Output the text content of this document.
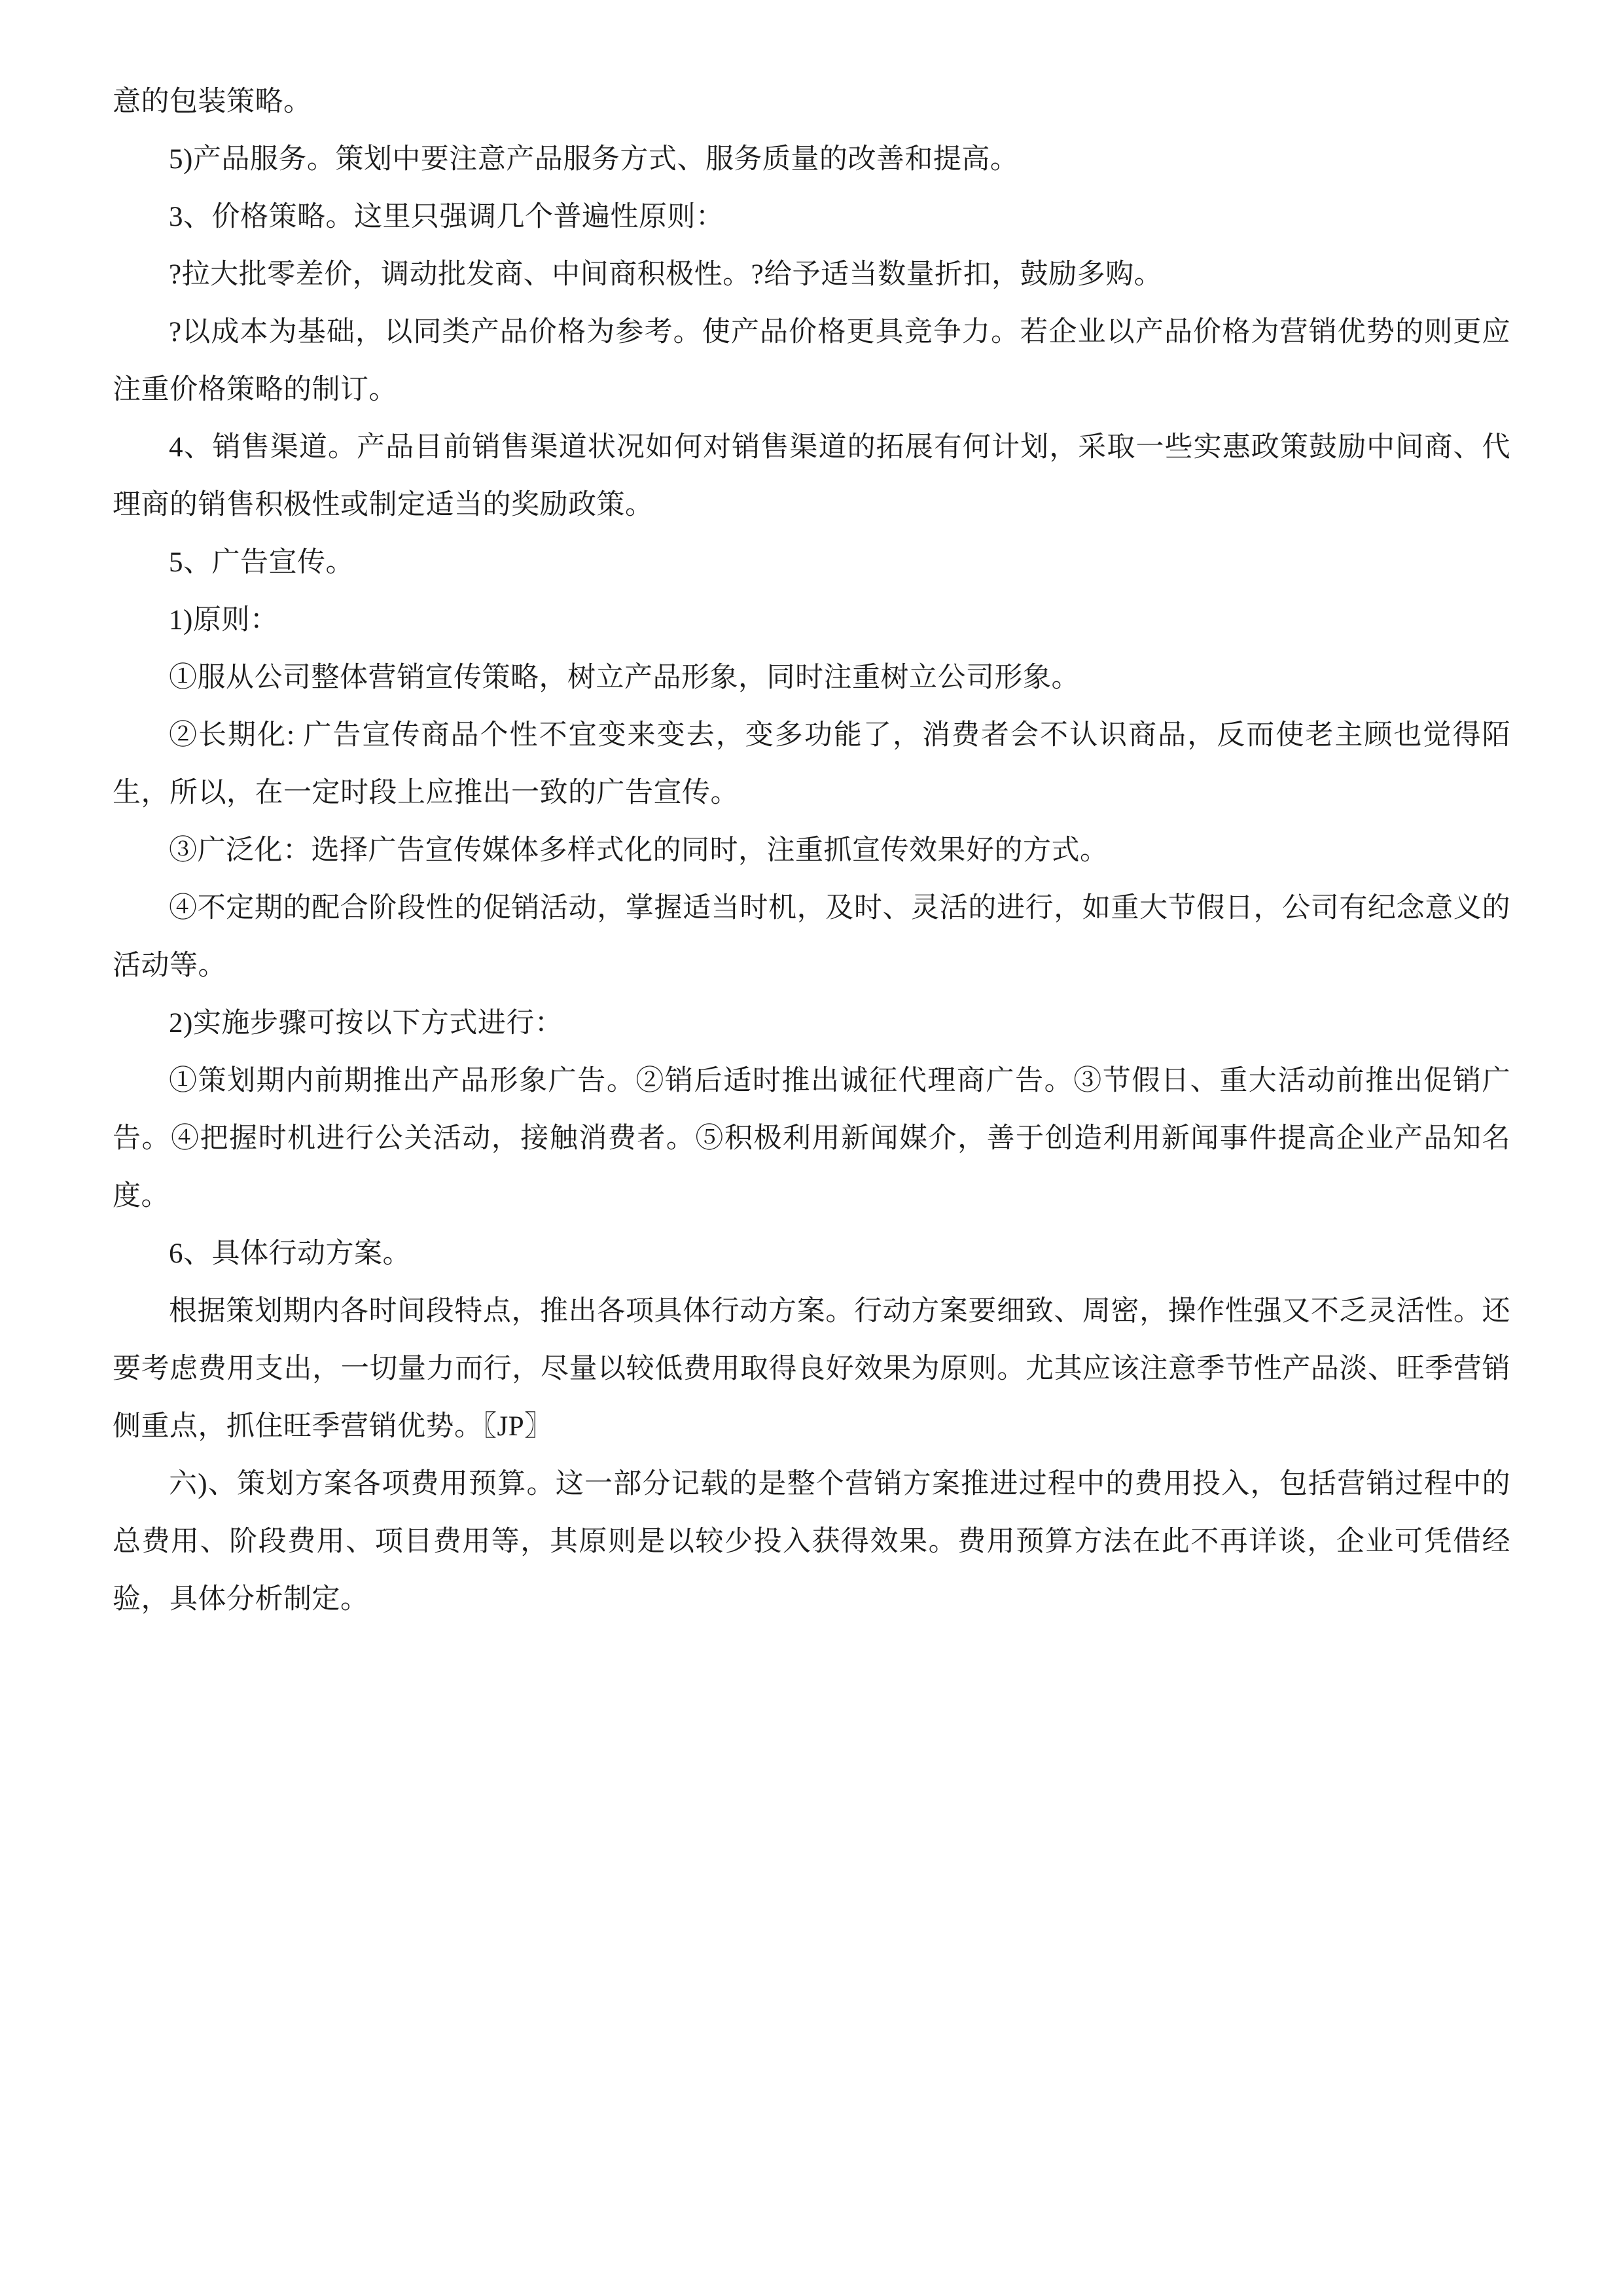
意的包装策略。

5)产品服务。策划中要注意产品服务方式、服务质量的改善和提高。

3、价格策略。这里只强调几个普遍性原则：

?拉大批零差价，调动批发商、中间商积极性。?给予适当数量折扣，鼓励多购。

?以成本为基础，以同类产品价格为参考。使产品价格更具竞争力。若企业以产品价格为营销优势的则更应注重价格策略的制订。

4、销售渠道。产品目前销售渠道状况如何对销售渠道的拓展有何计划，采取一些实惠政策鼓励中间商、代理商的销售积极性或制定适当的奖励政策。

5、广告宣传。

1)原则：

①服从公司整体营销宣传策略，树立产品形象，同时注重树立公司形象。

②长期化: 广告宣传商品个性不宜变来变去，变多功能了，消费者会不认识商品，反而使老主顾也觉得陌生，所以，在一定时段上应推出一致的广告宣传。

③广泛化：选择广告宣传媒体多样式化的同时，注重抓宣传效果好的方式。

④不定期的配合阶段性的促销活动，掌握适当时机，及时、灵活的进行，如重大节假日，公司有纪念意义的活动等。

2)实施步骤可按以下方式进行：

①策划期内前期推出产品形象广告。②销后适时推出诚征代理商广告。③节假日、重大活动前推出促销广告。④把握时机进行公关活动，接触消费者。⑤积极利用新闻媒介，善于创造利用新闻事件提高企业产品知名度。

6、具体行动方案。

根据策划期内各时间段特点，推出各项具体行动方案。行动方案要细致、周密，操作性强又不乏灵活性。还要考虑费用支出，一切量力而行，尽量以较低费用取得良好效果为原则。尤其应该注意季节性产品淡、旺季营销侧重点，抓住旺季营销优势。〖JP〗

六)、策划方案各项费用预算。这一部分记载的是整个营销方案推进过程中的费用投入，包括营销过程中的总费用、阶段费用、项目费用等，其原则是以较少投入获得效果。费用预算方法在此不再详谈，企业可凭借经验，具体分析制定。
